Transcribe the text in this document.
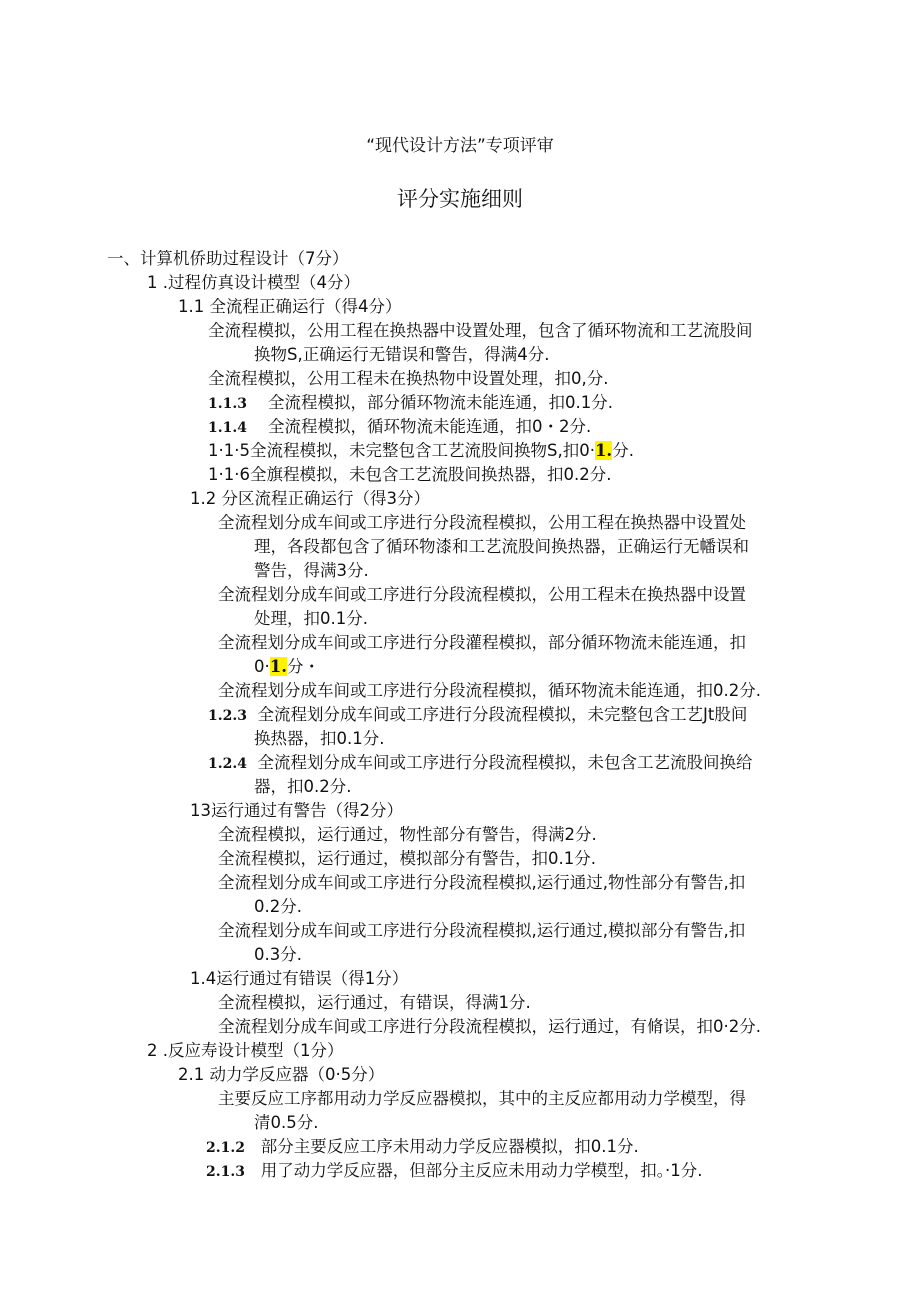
“现代设计方法”专项评审
评分实施细则
一、计算机侨助过程设计（7分）
1 .过程仿真设计模型（4分）
1.1 全流程正确运行（得4分）
全流程模拟，公用工程在换热器中设置处理，包含了循环物流和工艺流股间
换物S,正确运行无错误和警告，得满4分.
全流程模拟，公用工程未在换热物中设置处理，扣0,分.
1.1.3 全流程模拟，部分循环物流未能连通，扣0.1分.
1.1.4 全流程模拟，循环物流未能连通，扣0・2分.
1·1·5全流程模拟，未完整包含工艺流股间换物S,扣0·1.分.
1·1·6全旗程模拟，未包含工艺流股间换热器，扣0.2分.
1.2 分区流程正确运行（得3分）
全流程划分成车间或工序进行分段流程模拟，公用工程在换热器中设置处
理，各段都包含了循环物漆和工艺流股间换热器，正确运行无幡误和
警告，得满3分.
全流程划分成车间或工序进行分段流程模拟，公用工程未在换热器中设置
处理，扣0.1分.
全流程划分成车间或工序进行分段灌程模拟，部分循环物流未能连通，扣
0·1.分・
全流程划分成车间或工序进行分段流程模拟，循环物流未能连通，扣0.2分.
1.2.3 全流程划分成车间或工序进行分段流程模拟，未完整包含工艺Jt股间
换热器，扣0.1分.
1.2.4 全流程划分成车间或工序进行分段流程模拟，未包含工艺流股间换给
器，扣0.2分.
13运行通过有警告（得2分）
全流程模拟，运行通过，物性部分有警告，得满2分.
全流程模拟，运行通过，模拟部分有警告，扣0.1分.
全流程划分成车间或工序进行分段流程模拟,运行通过,物性部分有警告,扣
0.2分.
全流程划分成车间或工序进行分段流程模拟,运行通过,模拟部分有警告,扣
0.3分.
1.4运行通过有错误（得1分）
全流程模拟，运行通过，有错误，得满1分.
全流程划分成车间或工序进行分段流程模拟，运行通过，有脩误，扣0·2分.
2 .反应寿设计模型（1分）
2.1 动力学反应器（0·5分）
主要反应工序都用动力学反应器模拟，其中的主反应都用动力学模型，得
清0.5分.
2.1.2 部分主要反应工序未用动力学反应器模拟，扣0.1分.
2.1.3 用了动力学反应器，但部分主反应未用动力学模型，扣。·1分.
